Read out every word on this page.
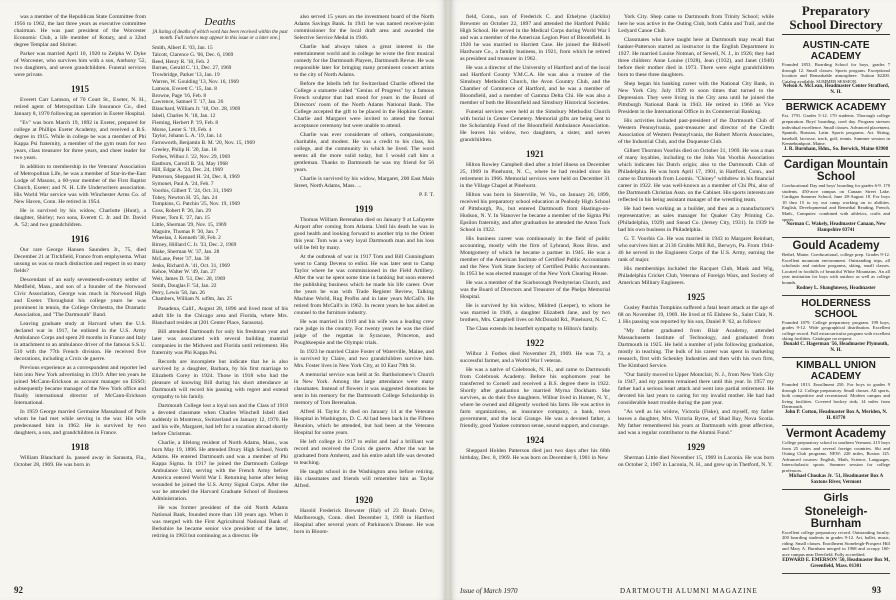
was a member of the Republican State Committee from 1956 to 1962, the last three years as executive committee chairman. He was past president of the Worcester Economic Club, a life member of Rotary, and a 32nd degree Templar and Shriner.

Parker was married April 10, 1920 to Zelpha W. Dyke of Worcester, who survives him with a son, Anthony '52, two daughters, and seven grandchildren. Funeral services were private.

1915

Everett Carr Lamson, of 70 Court St., Exeter, N. H., retired agent of Metropolitan Life Insurance Co., died January 8, 1970 following an operation in Exeter Hospital.

"Ev" was born March 19, 1892 in Exeter, prepared for college at Phillips Exeter Academy, and received a B.S. degree in 1915. While in college he was a member of Phi Kappa Psi fraternity, a member of the gym team for two years, class treasurer for three years, and cheer leader for two years.

In addition to membership in the Veterans' Association of Metropolitan Life, he was a member of Star-in-the-East Lodge of Masons, a 60-year member of the First Baptist Church, Exeter; and N. H. Life Underwriters association. His World War service was with Winchester Arms Co. of New Haven, Conn. He retired in 1954.

He is survived by his widow, Charlotte (Hunt), a daughter, Shirley; two sons, Everett C. Jr. and Dr. David A. '52; and two grandchildren.

1916

Our rare George Hansen Saunders Jr., 75, died December 21 at Titchfield, France from emphysema. What unsung us was so much distinction and respect in so many fields?

Descendant of an early seventeenth-century settler of Medfield, Mass., and son of a founder of the Norwood Civic Association, George was much in Norwood High and Exeter. Throughout his college years he was prominent in tennis, the College Orchestra, the Dramatic Association, and "The Dartmouth" Band.

Leaving graduate study at Harvard when the U.S. declared war in 1917, he enlisted in the U.S. Army Ambulance Corps and spent 20 months in France and Italy in attachment to an ambulance driver of the famous S.S.U. 510 with the 77th French division. He received five decorations, including a Croix de guerre.

Previous experience as a correspondent and reporter led him into New York advertising in 1919. After ten years he joined McCann-Erickson as account manager on ESSO; subsequently became manager of the New York office and finally international director of McCann-Erickson International.

In 1959 George married Germaine Massabaud of Paris whom he had met while serving in the war. His wife predeceased him in 1962. He is survived by two daughters, a son, and grandchildren in France.

1918

William Blanchard Ja. passed away in Sarasota, Fla., October 28, 1969. He was born in

Deaths
[A listing of deaths of which word has been received within the past month. Full notices may appear in this issue or a later one.]
Smith, Albert E. '03, Jan. 15
Talcott, Clarence G. '06, Dec. 6, 1969
Reed, Henry R. '10, Feb. 2
Burnes, Gerald C. '11, Dec. 27, 1969
Trowbridge, Parker '13, Jan. 19
Warren, W. Goulding '13, Nov. 16, 1969
Lamson, Everett C. '15, Jan. 8
Browne, Page '16, Feb. 8
Lawrence, Samuel T. '17, Jan. 26
Blanchard, William Jr. '18, Oct. 28, 1969
Isbell, Charles N. '18, Jan. 12
Fleming, Herbert P. '19, Feb. 8
Morse, Lester S. '19, Feb. 4
Taylor, Johann L. A. '19, Jan. 14
Farnsworth, Benjamin B. M. '20, Nov. 15, 1969
Greeley, Philip H. '20, Jan. 18
Forbes, Wilbur J. '22, Nov. 29, 1969
Eastburn, Carroll B. '24, May 1968
Hill, Edgar A. '24, Dec. 24, 1969
Patterson, Sheppard H. '24, Dec. 8, 1969
Symonet, Paul A. '24, Feb. 7
Voorhis, Gilbert T. '24, Oct. 31, 1969
Tobey, Newton H. '25, Jan. 24
Tompkins, G. Patchin '25, Nov. 19, 1969
Goss, Robert P. '26, Jan. 29
Pinner, Tom E. '27, Jan. 15
Little, Sherman '29, Nov. 15, 1969
Maguire, Thomas P. '30, Jan. 7
Wheelan, J. Kenneth '30, Feb. 2
Birney, Hilliard C. Jr. '33, Dec. 2, 1969
Blake, Sherman W. '37, Jan. 28
McLane, Peter '37, Jan. 30
Jenks, Richard A. '41, Oct. 31, 1969
Kehoe, Walter W. '49, Jan. 27
Weir, James D. '51, Dec. 28, 1969
Smith, Douglas F. '54, Jan. 22
Perry, Lewis '58, Jan. 26
Chambers, William N. u49m, Jan. 25

Pasadena, Calif., August 28, 1896 and lived most of his adult life in the Chicago area and Florida, where Mrs. Blanchard resides at (201 Center Place, Sarasota).

Bill attended Dartmouth for only his freshman year and later was associated with several building material companies in the Midwest and Florida until retirement. His fraternity was Phi Kappa Psi.

Records are incomplete but indicate that he is also survived by a daughter, Barbara, by his first marriage to Elizabeth Corey in 1924. Those in 1918 who had the pleasure of knowing Bill during his short attendance at Dartmouth will record his passing with regret and extend sympathy to his family.

Dartmouth College lost a loyal son and the Class of 1918 a devoted classmate when Charles Winchell Isbell died suddenly in Montreux, Switzerland on January 12, 1970. He and his wife, Margaret, had left for a vacation abroad shortly before Christmas.

Charlie, a lifelong resident of North Adams, Mass., was born May 19, 1896. He attended Drury High School, North Adams. He entered Dartmouth and was a member of Phi Kappa Sigma. In 1917 he joined the Dartmouth College Ambulance Unit, serving with the French Army before America entered World War I. Returning home after being wounded he joined the U.S. Army Signal Corps. After the war he attended the Harvard Graduate School of Business Administration.

He was former president of the old North Adams National Bank, founded more than 130 years ago. When it was merged with the First Agricultural National Bank of Berkshire he became senior vice president of the latter, retiring in 1963 but continuing as a director. He

also served 15 years on the investment board of the North Adams Savings Bank. In 1941 he was named receiver-joint commissioner for the local draft area and awarded the Selective Service Medal in 1946.

Charlie had always taken a great interest in the entertainment world and in college he wrote the first musical comedy for the Dartmouth Players, Dartmouth Revue. He was responsible later for bringing many prominent concert artists to the city of North Adams.

Before the Isbells left for Switzerland Charlie offered the College a statuette called "Genius of Progress" by a famous French sculptor that had stood for years in the Board of Directors' room of the North Adams National Bank. The College accepted the gift to be placed in the Hopkins Center. Charlie and Margaret were invited to attend the formal acceptance ceremony but were unable to attend.

Charlie was ever considerate of others, compassionate, charitable, and modest. He was a credit to his class, his college, and the community in which he lived. The word seems all the more valid today, but I would call him a gentleman. Thanks to Dartmouth he was my friend for 56 years.

Charlie is survived by his widow, Margaret, 200 East Main Street, North Adams, Mass. ...

P. F. T.

1919

Thomas William Berenahan died on January 9 at Lafayette Airport after coming from Atlanta. Until his death he was in good health and looking forward to another trip to the Orient this year. Tom was a very loyal Dartmouth man and his loss will be felt by many.

At the outbreak of war in 1917 Tom and Bill Cunningham went to Camp Devens to enlist. He was later sent to Camp Taylor where he was commissioned in the Field Artillery. After the war he spent some time in banking but soon entered the publishing business which he made his life career. Over the years he was with Trade Register Review, Talking Machine World, Rug Profits and in later years McCall's. He retired from McCall's in 1962. In recent years he has aided as counsel to the furniture industry.

He was married in 1919 and his wife was a leading crew race judge in the country. For twenty years he was the chief judge of the regattas in Syracuse, Princeton, and Poughkeepsie and the Olympic trials.

In 1923 he married Claire Foster of Waterville, Maine, and is survived by Claire, and two grandchildren survive him. Mrs. Foster lives in New York City, at 10 East 79th St.

A memorial service was held at St. Bartholomew's Church in New York. Among the large attendance were many classmates. Instead of flowers it was suggested donations be sent in his memory for the Dartmouth College Scholarship in memory of Tom Berenahan.

Alfred H. Taylor Jr. died on January 14 at the Veterans Hospital in Washington, D. C. Al had been back in the Fifteen Reunion, which he attended, but had been at the Veterans Hospital for some years.

He left college in 1917 to enlist and had a brilliant war record and received the Croix de guerre. After the war he graduated from Amherst, and his entire adult life was devoted to teaching.

He taught school in the Washington area before retiring. His classmates and friends will remember him as Taylor Alfred.

1920

Harold Frederick Brewster (Hal) of 23 Brush Drive, Marlborough, Conn. died December 3, 1969 in Hartford Hospital after several years of Parkinson's Disease. He was born in Bloom-

92

field, Conn., son of Frederick C. and Ethelyne (Jacklin) Brewster on October 22, 1897 and attended the Hartford Public High School. He served in the Medical Corps during World War I and was a member of the American Legion Post of Bloomfield. In 1926 he was married to Harriett Case. He joined the Bidwell Hardware Co., a family business, in 1921, from which he retired as president and treasurer in 1962.

He was a director of the University of Hartford and of the local and Hartford County Y.M.C.A. He was also a trustee of the Simsbury Methodist Church, the Avon Country Club, and the Chamber of Commerce of Hartford, and he was a member of Bloomfield, and a member of Gamma Delta Chi. He was also a member of both the Bloomfield and Simsbury Historical Societies.

Funeral services were held at the Simsbury Methodist Church with burial in Center Cemetery. Memorial gifts are being sent to the Scholarship Fund of the Bloomfield Ambulance Association. He leaves his widow, two daughters, a sister, and seven grandchildren.

1921

Hilton Rowley Campbell died after a brief illness on December 25, 1969 in Pinehurst, N. C., where he had resided since his retirement in 1966. Memorial services were held on December 31 in the Village Chapel at Pinehurst.

Hilton was born in Sisterville, W. Va., on January 20, 1899, received his preparatory school education at Peabody High School of Pittsburgh, Pa., but entered Dartmouth from Hastings-on-Hudson, N. Y. In 'Hanover he became a member of the Sigma Phi Epsilon fraternity, and after graduation he attended the Amos Tuck School in 1922.

His business career was continuously in the field of public accounting, mostly with the firm of Lybrand, Ross Bros. and Montgomery of which he became a partner in 1945. He was a member of the American Institute of Certified Public Accountants and the New York State Society of Certified Public Accountants. In 1953 he was elected manager of the New York Clearing House.

He was a member of the Scarborough Presbyterian Church, and was the Board of Directors and Treasurer of the Phelps Memorial Hospital.

He is survived by his widow, Mildred (Leeper), to whom he was married in 1946, a daughter Elizabeth Jane, and by two brothers, Mrs. Campbell lives on McDonald Rd., Pinehurst, N. C.

The Class extends its heartfelt sympathy to Hilton's family.

1922

Wilbur J. Forbes died November 29, 1969. He was 73, a successful farmer, and a World War I veteran.

He was a native of Colebrook, N. H., and came to Dartmouth from Colebrook Academy. Before his sophomore year he transferred to Cornell and received a B.S. degree there in 1922. Shortly after graduation he married Myrna Dockham. She survives, as do their five daughters. Wilbur lived in Homer, N. Y., where he owned and diligently worked his farm. He was active in farm organizations, as insurance company, a bank, town government, and the local Grange. He was a devoted father, a friendly, good Yankee common sense, sound support, and courage.

1924

Sheppard Holden Patterson died just two days after his 68th birthday, Dec. 8, 1969. He was born on December 6, 1901 in New

York City. Shep came to Dartmouth from Trinity School; while here he was active in the Outing Club, both Cabin and Trail, and the Ledyard Canoe Club.

Classmates who have taught here at Dartmouth may recall that banker-Patterson started as instructor in the English Department in 1927. He married Louise Notman, of Sewell, N. J., in 1926; they had three children: Anne Louise (1928), Jean (1932), and Janet (1940) before their mother died in 1973. There were eight grandchildren born to these three daughters.

Shep began his banking career with the National City Bank, in New York City. July 1929 to soon times that turned to the Depression. They were living in the City area until he joined the Pittsburgh National Bank in 1943. He retired in 1966 as Vice President in the International Office in its Commercial Banking.

His activities included past-president of the Dartmouth Club of Western Pennsylvania, past-treasurer and director of the Credit Association of Western Pennsylvania, the Robert Morris Associates, of the Industrial Club, and the Duquesne Club.

Gilbert Thornton Voorhis died on October 31, 1969. He was a man of many loyalties, including to the John Van Voorhis Association which indicates his Dutch origin; also to the Dartmouth Club of Philadelphia. He was born April 17, 1901, in Hartford, Conn., and came to Dartmouth from Loomis. "Chiney" withdrew in his financial career in 1922. He was well-known as a member of Chi Phi, also of the Dartmouth Christian Assn. on the Cabinet. His sports interests are reflected in his being assistant manager of the wrestling team.

He had been working as a builder, and then as a manufacturer's representative; as sales manager for Quaker City Printing Co. (Philadelphia, 1929) and Snead Co. (Jersey City, 1931). In 1939 he had his own business in Philadelphia.

G. T. Voorhis Co. He was married in 1943 to Margaret Reinhart, who survives him at 2136 Grubbs Mill Rd., Berwyn, Pa. From 1944-46 he served in the Engineers Corps of the U.S. Army, earning the rank of major.

His memberships included the Racquet Club, Mask and Wig, Philadelphia Cricket Club, Veterans of Foreign Wars, and Society of American Military Engineers.

1925

Gusley Patchin Tompkins suffered a fatal heart attack at the age of 68 on November 19, 1969. He lived at 65 Elsbree St., Saint Clair, N. J. His passing was reported by his son, Daniel P. '62, as follows:

"My father graduated from Blair Academy, attended Massachusetts Institute of Technology, and graduated from Dartmouth in 1925. He held a number of jobs following graduation, mostly in teaching. The bulk of his career was spent in marketing research, first with Schenley Industries and then with his own firm, The Kimbard Service.

"Our family moved to Upper Montclair, N. J., from New York City in 1947, and my parents remained there until this year. In 1957 my father had a serious heart attack and went into partial retirement. He devoted his last years to caring for my invalid mother. He had had considerable heart trouble during the past year.

"As well as his widow, Victoria (Fiske), and myself, my father leaves a daughter, Mrs. Victoria Byrne, of Shad Bay, Nova Scotia. My father remembered his years at Dartmouth with great affection, and was a regular contributor to the Alumni Fund."

1929

Sherman Little died November 15, 1969 in Laconia. He was born on October 2, 1907 in Laconia, N. H., and grew up in Thetford, N. Y.

Preparatory School Directory
AUSTIN-CATE ACADEMY
Founded 1853. Boarding School for boys, grades 7 through 12. Small classes. Sports program. Exceptional location and Remarkable atmosphere. Tuition $2200. Catalog available. SUMMER SESSION.
Nelson A. McLean, Headmaster Center Strafford, N. H.
BERWICK ACADEMY
Est. 1791. Grades 5-12. 170 students. Thorough college preparation. Boys' boarding, coed day. Program stresses individual excellence. Small classes. Advanced placement, Spanish, Russian, Latin. Sports programs. Art. Skiing, baseball, lacrosse, track, golf, tennis. Summer session in Kennebunkport, Maine.
J. R. Burnham, Hdm., So. Berwick, Maine 03908
Cardigan Mountain School
Coeducational Day and boys' boarding for grades 6-9. 170 students. 450-acre campus on Canaan Street Lake. Cardigan Summer School, June 28-August 18. For boys 10 thru 15 to try out camp working on to abilities. English, Developmental and Remedial Reading, French, Math., Computer: combined with athletics, crafts and sports.
Norman C. Wakely, Headmaster Canaan, New Hampshire 03741
Gould Academy
Bethel, Maine. Coeducational, college prep. Grades 9-12. Excellent mountain environment. Outstanding trips, all scholastic and outdoor programs, skiing, small classes. Located in foothills of beautiful White Mountains. An all year institution for boys with outdoor as well as college bounds.
Rodney L. Shaughnessy, Headmaster
HOLDERNESS SCHOOL
Founded 1879. College preparatory program. 199 boys, grades 9-12. Wide geographical distribution. Excellent college record. Full extracurricular program with excellent skiing facilities. Catalogue on request.
Donald C. Hagerman '56, Headmaster Plymouth, N. H.
KIMBALL UNION ACADEMY
Founded 1813. Enrollment 250. For boys in grades 9 through 12. College preparatory. Small classes. All sports, both competitive and recreational. Modern campus and living facilities. Covered hockey rink; 14 miles from Dartmouth.
John P. Cotton, Headmaster Box A, Meriden, N. H. 03770
Vermont Academy
College preparatory school in southern Vermont. 215 boys from 25 states and several foreign countries. Ski and Outing Club programs. NEW: 220 miles, Boston 125. Advanced courses: English, Math, Science, Languages. Interscholastic sports. Summer session for college professors.
Michael Choukas Jr. '51, Headmaster Box A Saxtons River, Vermont
Girls
Stoneleigh-Burnham
Excellent college preparatory record. Outstanding faculty. 200 boarding students in grades 9-12. Art, ballet, music, riding. Small classes. Enrollment Stoneleigh-Prospect Hill and Mary A. Burnham merged in 1968 and occupy 160-acre campus near Deerfield. Fully accredited.
EDWARD E. EMERSON '50, Headmaster Box M, Greenfield, Mass. 01301
Issue of March 1970	DARTMOUTH ALUMNI MAGAZINE	93
